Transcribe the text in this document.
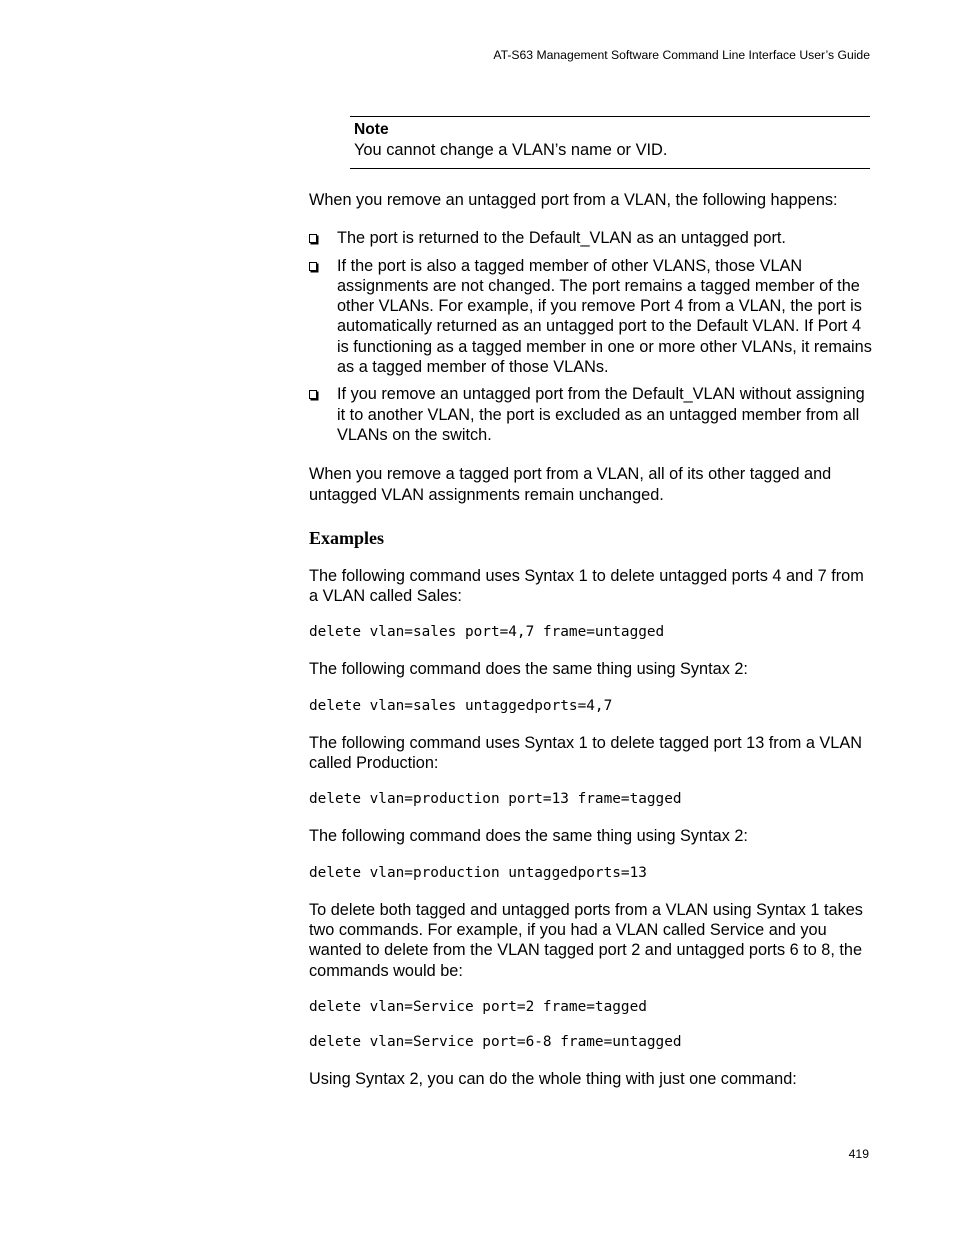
AT-S63 Management Software Command Line Interface User’s Guide
Note
You cannot change a VLAN’s name or VID.

When you remove an untagged port from a VLAN, the following happens:

The port is returned to the Default_VLAN as an untagged port.
If the port is also a tagged member of other VLANS, those VLAN assignments are not changed. The port remains a tagged member of the other VLANs. For example, if you remove Port 4 from a VLAN, the port is automatically returned as an untagged port to the Default VLAN. If Port 4 is functioning as a tagged member in one or more other VLANs, it remains as a tagged member of those VLANs.
If you remove an untagged port from the Default_VLAN without assigning it to another VLAN, the port is excluded as an untagged member from all VLANs on the switch.

When you remove a tagged port from a VLAN, all of its other tagged and untagged VLAN assignments remain unchanged.

Examples

The following command uses Syntax 1 to delete untagged ports 4 and 7 from a VLAN called Sales:

delete vlan=sales port=4,7 frame=untagged

The following command does the same thing using Syntax 2:

delete vlan=sales untaggedports=4,7

The following command uses Syntax 1 to delete tagged port 13 from a VLAN called Production:

delete vlan=production port=13 frame=tagged

The following command does the same thing using Syntax 2:

delete vlan=production untaggedports=13

To delete both tagged and untagged ports from a VLAN using Syntax 1 takes two commands. For example, if you had a VLAN called Service and you wanted to delete from the VLAN tagged port 2 and untagged ports 6 to 8, the commands would be:

delete vlan=Service port=2 frame=tagged

delete vlan=Service port=6-8 frame=untagged

Using Syntax 2, you can do the whole thing with just one command:

419
